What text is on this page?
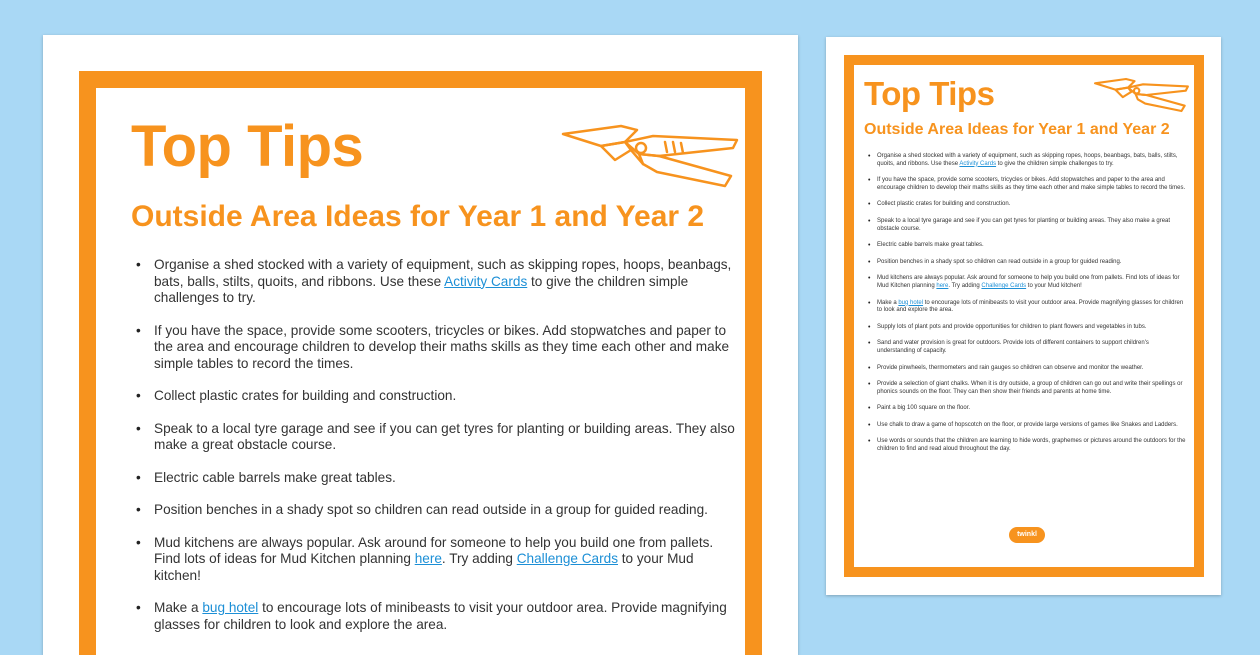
Top Tips
Outside Area Ideas for Year 1 and Year 2
• Organise a shed stocked with a variety of equipment, such as skipping ropes, hoops, beanbags, bats, balls, stilts, quoits, and ribbons. Use these Activity Cards to give the children simple challenges to try.
• If you have the space, provide some scooters, tricycles or bikes. Add stopwatches and paper to the area and encourage children to develop their maths skills as they time each other and make simple tables to record the times.
• Collect plastic crates for building and construction.
• Speak to a local tyre garage and see if you can get tyres for planting or building areas. They also make a great obstacle course.
• Electric cable barrels make great tables.
• Position benches in a shady spot so children can read outside in a group for guided reading.
• Mud kitchens are always popular. Ask around for someone to help you build one from pallets. Find lots of ideas for Mud Kitchen planning here. Try adding Challenge Cards to your Mud kitchen!
• Make a bug hotel to encourage lots of minibeasts to visit your outdoor area. Provide magnifying glasses for children to look and explore the area.
Top Tips
Outside Area Ideas for Year 1 and Year 2
• Organise a shed stocked with a variety of equipment, such as skipping ropes, hoops, beanbags, bats, balls, stilts, quoits, and ribbons. Use these Activity Cards to give the children simple challenges to try.
• If you have the space, provide some scooters, tricycles or bikes. Add stopwatches and paper to the area and encourage children to develop their maths skills as they time each other and make simple tables to record the times.
• Collect plastic crates for building and construction.
• Speak to a local tyre garage and see if you can get tyres for planting or building areas. They also make a great obstacle course.
• Electric cable barrels make great tables.
• Position benches in a shady spot so children can read outside in a group for guided reading.
• Mud kitchens are always popular. Ask around for someone to help you build one from pallets. Find lots of ideas for Mud Kitchen planning here. Try adding Challenge Cards to your Mud kitchen!
• Make a bug hotel to encourage lots of minibeasts to visit your outdoor area. Provide magnifying glasses for children to look and explore the area.
• Supply lots of plant pots and provide opportunities for children to plant flowers and vegetables in tubs.
• Sand and water provision is great for outdoors. Provide lots of different containers to support children's understanding of capacity.
• Provide pinwheels, thermometers and rain gauges so children can observe and monitor the weather.
• Provide a selection of giant chalks. When it is dry outside, a group of children can go out and write their spellings or phonics sounds on the floor. They can then show their friends and parents at home time.
• Paint a big 100 square on the floor.
• Use chalk to draw a game of hopscotch on the floor, or provide large versions of games like Snakes and Ladders.
• Use words or sounds that the children are learning to hide words, graphemes or pictures around the outdoors for the children to find and read aloud throughout the day.
twinkl
